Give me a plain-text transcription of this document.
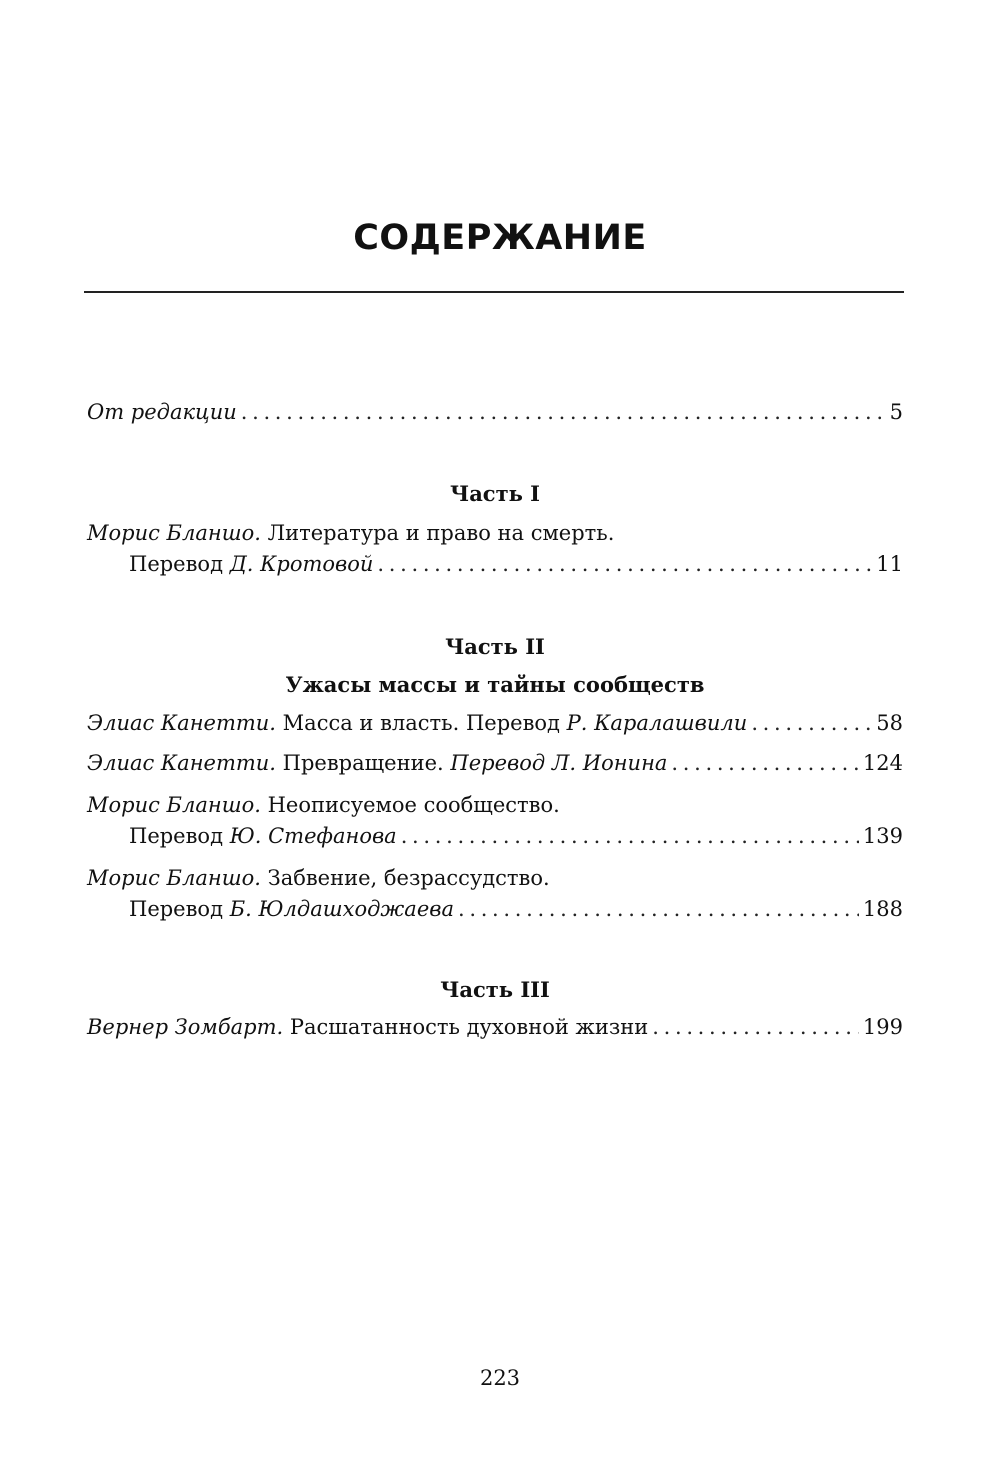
СОДЕРЖАНИЕ
От редакции . . .	5
Часть I
Морис Бланшо.
Литература и право на смерть.
Перевод
Д. Кротовой . . .	11
Часть II
Ужасы массы и тайны сообществ
Элиас Канетти.
Масса и власть.
Перевод
Р. Каралашвили . . .	58
Элиас Канетти.
Превращение.
Перевод
Л. Ионина . . .	124
Морис Бланшо.
Неописуемое сообщество.
Перевод
Ю. Стефанова . . .	139
Морис Бланшо.
Забвение, безрассудство.
Перевод
Б. Юлдашходжаева . . .	188
Часть III
Вернер Зомбарт.
Расшатанность духовной жизни . . .	199

223
